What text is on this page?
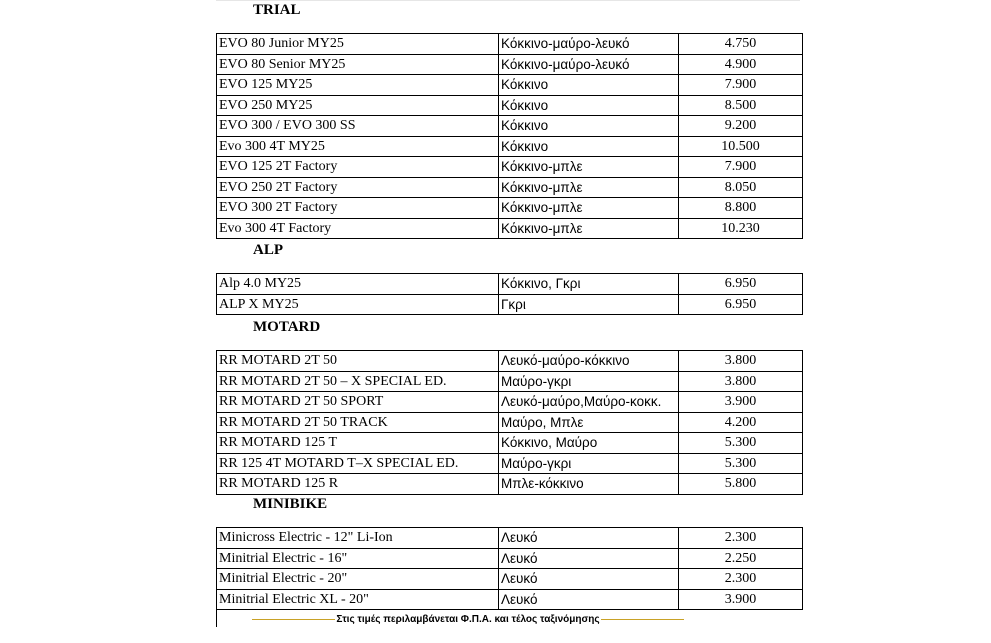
TRIAL
EVO 80 Junior MY25	Κόκκινο-μαύρο-λευκό	4.750
EVO 80 Senior MY25	Κόκκινο-μαύρο-λευκό	4.900
EVO 125 MY25	Κόκκινο	7.900
EVO 250 MY25	Κόκκινο	8.500
EVO 300 / EVO 300 SS	Κόκκινο	9.200
Evo 300 4T MY25	Κόκκινο	10.500
EVO 125 2T Factory	Κόκκινο-μπλε	7.900
EVO 250 2T Factory	Κόκκινο-μπλε	8.050
EVO 300 2T Factory	Κόκκινο-μπλε	8.800
Evo 300 4T Factory	Κόκκινο-μπλε	10.230
ALP
Alp 4.0 MY25	Κόκκινο, Γκρι	6.950
ALP X MY25	Γκρι	6.950
MOTARD
RR MOTARD 2T 50	Λευκό-μαύρο-κόκκινο	3.800
RR MOTARD 2T 50 – X SPECIAL ED.	Μαύρο-γκρι	3.800
RR MOTARD 2T 50 SPORT	Λευκό-μαύρο,Μαύρο-κοκκ.	3.900
RR MOTARD 2T 50 TRACK	Μαύρο, Μπλε	4.200
RR MOTARD 125 T	Κόκκινο, Μαύρο	5.300
RR 125 4T MOTARD T–X SPECIAL ED.	Μαύρο-γκρι	5.300
RR MOTARD 125 R	Μπλε-κόκκινο	5.800
MINIBIKE
Minicross Electric - 12" Li-Ion	Λευκό	2.300
Minitrial Electric - 16"	Λευκό	2.250
Minitrial Electric - 20"	Λευκό	2.300
Minitrial Electric XL - 20"	Λευκό	3.900
Στις τιμές περιλαμβάνεται Φ.Π.Α. και τέλος ταξινόμησης
